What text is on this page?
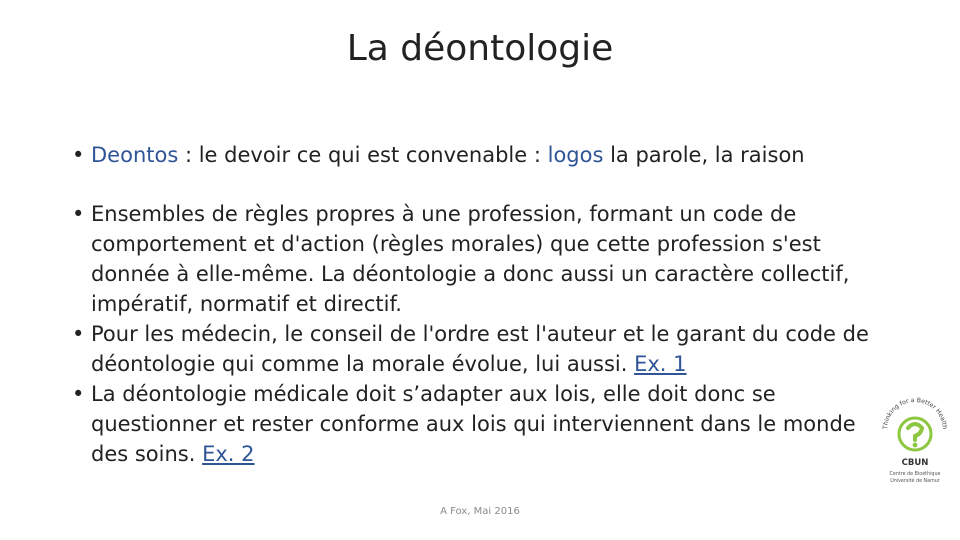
La déontologie
• Deontos : le devoir ce qui est convenable : logos la parole, la raison
• Ensembles de règles propres à une profession, formant un code de comportement et d'action (règles morales) que cette profession s'est donnée à elle-même. La déontologie a donc aussi un caractère collectif, impératif, normatif et directif.
• Pour les médecin, le conseil de l'ordre est l'auteur et le garant du code de déontologie qui comme la morale évolue, lui aussi. Ex. 1
• La déontologie médicale doit s’adapter aux lois, elle doit donc se questionner et rester conforme aux lois qui interviennent dans le monde des soins. Ex. 2
A Fox, Mai 2016
Thinking for a Better Health
CBUN
Centre de Bioéthique
Université de Namur
